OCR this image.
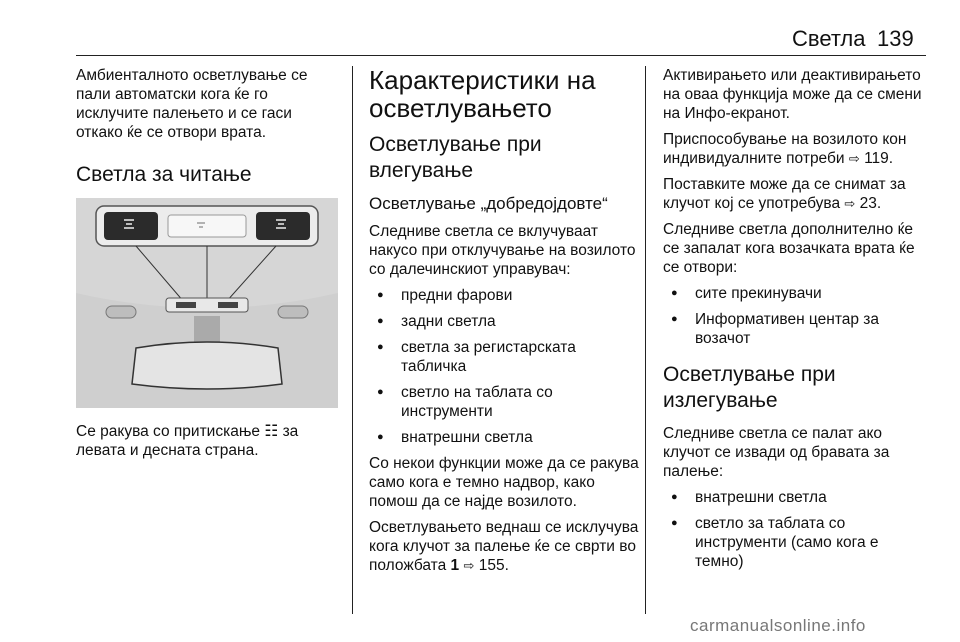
Светла 139

Амбиенталното осветлување се пали автоматски кога ќе го исклучите палењето и се гаси откако ќе се отвори врата.

Светла за читање

Се ракува со притискање ☷ за левата и десната страна.

Карактеристики на осветлувањето
Осветлување при влегување
Осветлување „добредојдовте“

Следниве светла се вклучуваат накусо при отклучување на возилото со далечинскиот управувач:

● предни фарови
● задни светла
● светла за регистарската табличка
● светло на таблата со инструменти
● внатрешни светла

Со некои функции може да се ракува само кога е темно надвор, како помош да се најде возилото.

Осветлувањето веднаш се исклучува кога клучот за палење ќе се сврти во положбата 1 ⇨ 155.

Активирањето или деактивирањето на оваа функција може да се смени на Инфо-екранот.

Приспособување на возилото кон индивидуалните потреби ⇨ 119.

Поставките може да се снимат за клучот кој се употребува ⇨ 23.

Следниве светла дополнително ќе се запалат кога возачката врата ќе се отвори:

● сите прекинувачи
● Информативен центар за возачот
Осветлување при излегување

Следниве светла се палат ако клучот се извади од бравата за палење:

● внатрешни светла
● светло за таблата со инструменти (само кога е темно)
carmanualsonline.info
